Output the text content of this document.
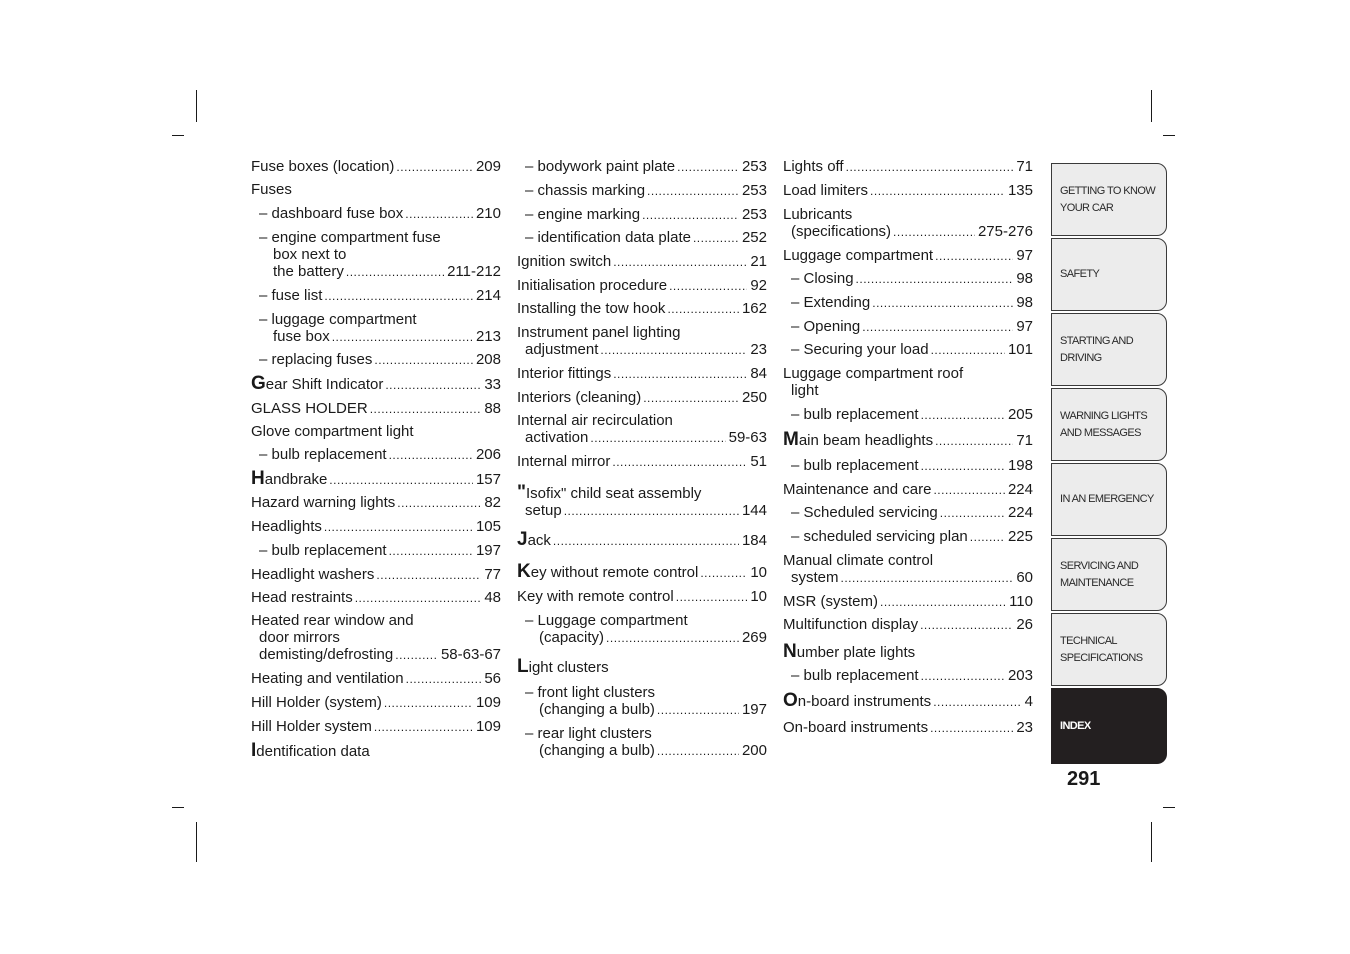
Fuse boxes (location) .....	209
Fuses
– dashboard fuse box .....	210
– engine compartment fuse
box next to
the battery .....	211-212
– fuse list .....	214
– luggage compartment
fuse box .....	213
– replacing fuses .....	208
Gear Shift Indicator .....	33
GLASS HOLDER .....	88
Glove compartment light
– bulb replacement .....	206
Handbrake .....	157
Hazard warning lights .....	82
Headlights .....	105
– bulb replacement .....	197
Headlight washers .....	77
Head restraints .....	48
Heated rear window and
door mirrors
demisting/defrosting .....	58-63-67
Heating and ventilation .....	56
Hill Holder (system) .....	109
Hill Holder system .....	109
Identification data
– bodywork paint plate .....	253
– chassis marking .....	253
– engine marking .....	253
– identification data plate .....	252
Ignition switch .....	21
Initialisation procedure .....	92
Installing the tow hook .....	162
Instrument panel lighting
adjustment .....	23
Interior fittings .....	84
Interiors (cleaning) .....	250
Internal air recirculation
activation .....	59-63
Internal mirror .....	51
"Isofix" child seat assembly
setup .....	144
Jack .....	184
Key without remote control .....	10
Key with remote control .....	10
– Luggage compartment
(capacity) .....	269
Light clusters
– front light clusters
(changing a bulb) .....	197
– rear light clusters
(changing a bulb) .....	200
Lights off .....	71
Load limiters .....	135
Lubricants
(specifications) .....	275-276
Luggage compartment .....	97
– Closing .....	98
– Extending .....	98
– Opening .....	97
– Securing your load .....	101
Luggage compartment roof
light
– bulb replacement .....	205
Main beam headlights .....	71
– bulb replacement .....	198
Maintenance and care .....	224
– Scheduled servicing .....	224
– scheduled servicing plan .....	225
Manual climate control
system .....	60
MSR (system) .....	110
Multifunction display .....	26
Number plate lights
– bulb replacement .....	203
On-board instruments .....	4
On-board instruments .....	23
GETTING TO KNOW
YOUR CAR
SAFETY
STARTING AND
DRIVING
WARNING LIGHTS
AND MESSAGES
IN AN EMERGENCY
SERVICING AND
MAINTENANCE
TECHNICAL
SPECIFICATIONS
INDEX
291
